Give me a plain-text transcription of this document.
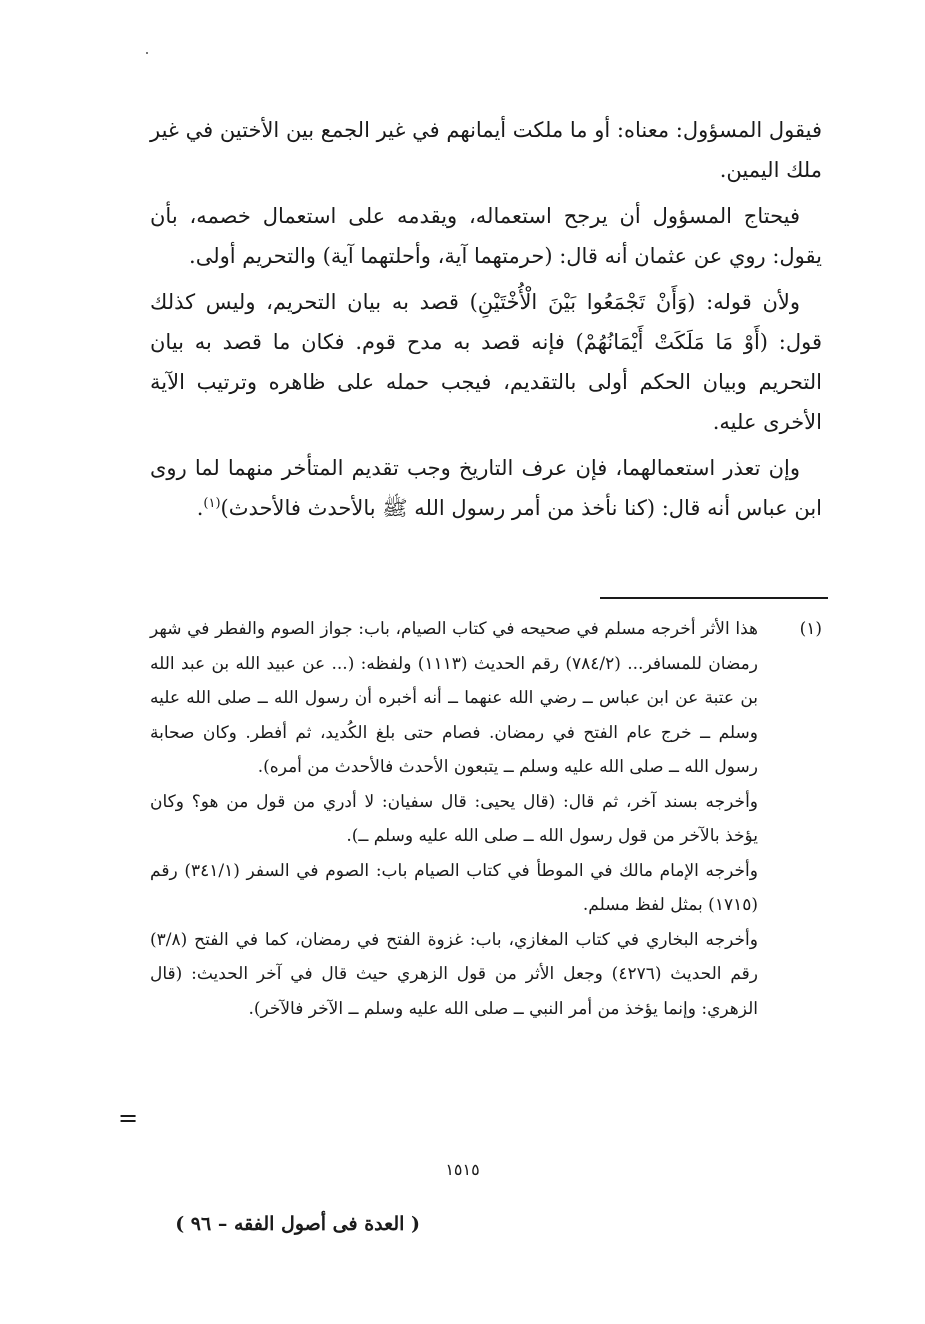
فيقول المسؤول: معناه: أو ما ملكت أيمانهم في غير الجمع بين الأختين في غير ملك اليمين.

فيحتاج المسؤول أن يرجح استعماله، ويقدمه على استعمال خصمه، بأن يقول: روي عن عثمان أنه قال: (حرمتهما آية، وأحلتهما آية) والتحريم أولى.

ولأن قوله: (وَأَنْ تَجْمَعُوا بَيْنَ الْأُخْتَيْنِ) قصد به بيان التحريم، وليس كذلك قول: (أَوْ مَا مَلَكَتْ أَيْمَانُهُمْ) فإنه قصد به مدح قوم. فكان ما قصد به بيان التحريم وبيان الحكم أولى بالتقديم، فيجب حمله على ظاهره وترتيب الآية الأخرى عليه.

وإن تعذر استعمالهما، فإن عرف التاريخ وجب تقديم المتأخر منهما لما روى ابن عباس أنه قال: (كنا نأخذ من أمر رسول الله ﷺ بالأحدث فالأحدث)$^{(١)}$.

(١)

هذا الأثر أخرجه مسلم في صحيحه في كتاب الصيام، باب: جواز الصوم والفطر في شهر رمضان للمسافر... (٧٨٤/٢) رقم الحديث (١١١٣) ولفظه: (... عن عبيد الله بن عبد الله بن عتبة عن ابن عباس ــ رضي الله عنهما ــ أنه أخبره أن رسول الله ــ صلى الله عليه وسلم ــ خرج عام الفتح في رمضان. فصام حتى بلغ الكُديد، ثم أفطر. وكان صحابة رسول الله ــ صلى الله عليه وسلم ــ يتبعون الأحدث فالأحدث من أمره).

وأخرجه بسند آخر، ثم قال: (قال يحيى: قال سفيان: لا أدري من قول من هو؟ وكان يؤخذ بالآخر من قول رسول الله ــ صلى الله عليه وسلم ــ).

وأخرجه الإمام مالك في الموطأ في كتاب الصيام باب: الصوم في السفر (٣٤١/١) رقم (١٧١٥) بمثل لفظ مسلم.

وأخرجه البخاري في كتاب المغازي، باب: غزوة الفتح في رمضان، كما في الفتح (٣/٨) رقم الحديث (٤٢٧٦) وجعل الأثر من قول الزهري حيث قال في آخر الحديث: (قال الزهري: وإنما يؤخذ من أمر النبي ــ صلى الله عليه وسلم ــ الآخر فالآخر).

=
١٥١٥
( العدة فى أصول الفقه – ٩٦ )
